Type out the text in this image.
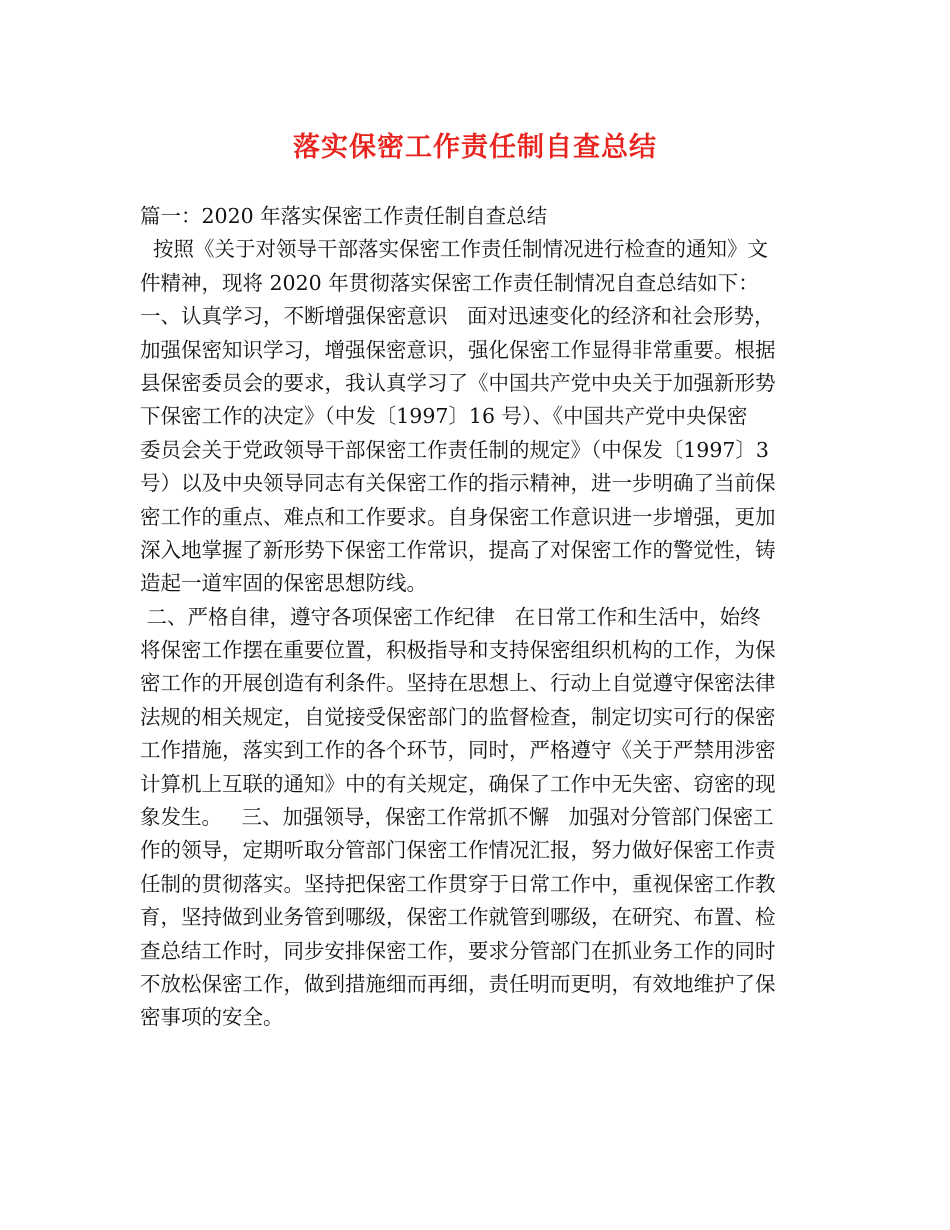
落实保密工作责任制自查总结
篇一：2020 年落实保密工作责任制自查总结
按照《关于对领导干部落实保密工作责任制情况进行检查的通知》文
件精神，现将 2020 年贯彻落实保密工作责任制情况自查总结如下：
一、认真学习，不断增强保密意识   面对迅速变化的经济和社会形势，
加强保密知识学习，增强保密意识，强化保密工作显得非常重要。根据
县保密委员会的要求，我认真学习了《中国共产党中央关于加强新形势
下保密工作的决定》（中发〔1997〕16 号）、《中国共产党中央保密
委员会关于党政领导干部保密工作责任制的规定》（中保发〔1997〕3
号）以及中央领导同志有关保密工作的指示精神，进一步明确了当前保
密工作的重点、难点和工作要求。自身保密工作意识进一步增强，更加
深入地掌握了新形势下保密工作常识，提高了对保密工作的警觉性，铸
造起一道牢固的保密思想防线。
二、严格自律，遵守各项保密工作纪律   在日常工作和生活中，始终
将保密工作摆在重要位置，积极指导和支持保密组织机构的工作，为保
密工作的开展创造有利条件。坚持在思想上、行动上自觉遵守保密法律
法规的相关规定，自觉接受保密部门的监督检查，制定切实可行的保密
工作措施，落实到工作的各个环节，同时，严格遵守《关于严禁用涉密
计算机上互联的通知》中的有关规定，确保了工作中无失密、窃密的现
象发生。   三、加强领导，保密工作常抓不懈   加强对分管部门保密工
作的领导，定期听取分管部门保密工作情况汇报，努力做好保密工作责
任制的贯彻落实。坚持把保密工作贯穿于日常工作中，重视保密工作教
育，坚持做到业务管到哪级，保密工作就管到哪级，在研究、布置、检
查总结工作时，同步安排保密工作，要求分管部门在抓业务工作的同时
不放松保密工作，做到措施细而再细，责任明而更明，有效地维护了保
密事项的安全。
